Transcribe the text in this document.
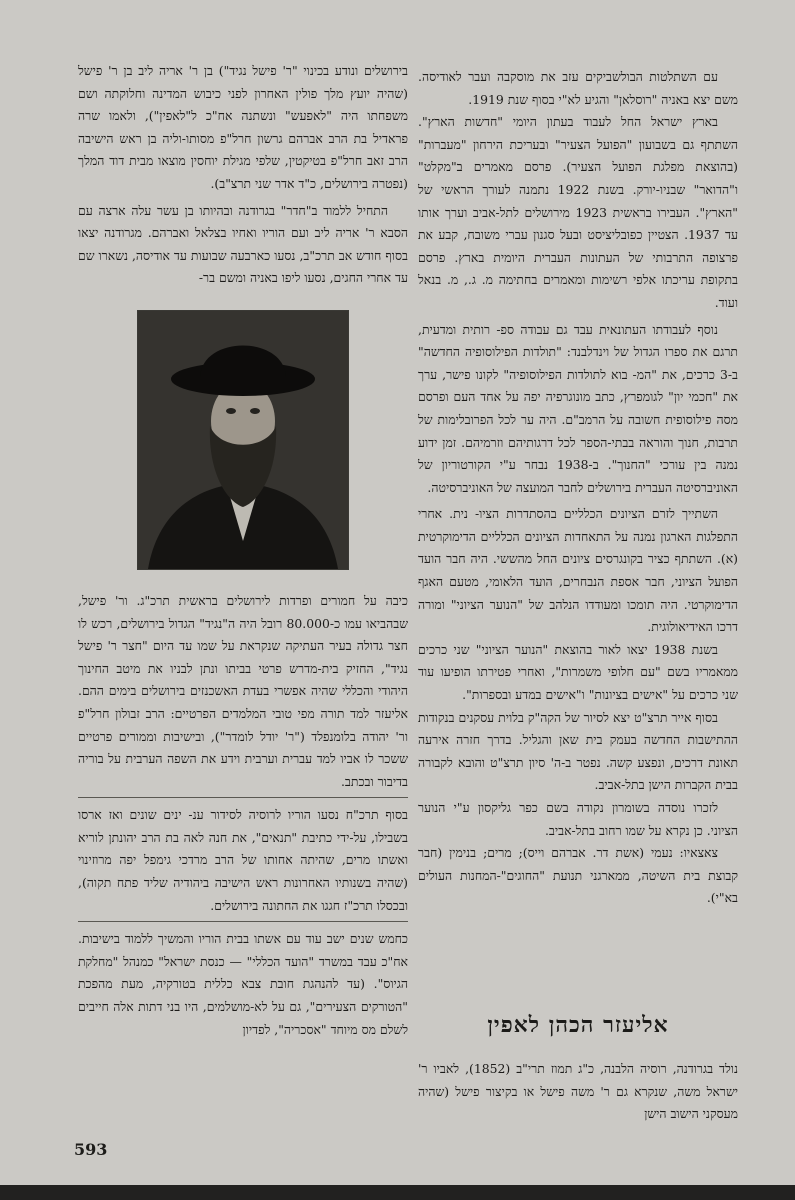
בירושלים ונודע בכינוי "ר' פישל נגיד") בן ר' אריה ליב בן ר' פישל (שהיה יועץ מלך פולין האחרון לפני כיבוש המדינה וחלוקתה ושם משפחתו היה "לאפעש" ונשתנה אח"כ ל"לאפין"), ולאמו שרה פראדיל בת הרב אברהם גרשון חרל"פ מסותו-וליה בן ראש הישיבה הרב זאב חרל"פ בטיקטין, שלפי מגילת יוחסין מוצאו מבית דוד המלך (נפטרה בירושלים, כ"ד אדר שני תרצ"ב).

התחיל ללמוד ב"חדר" בגרודנה ובהיותו בן עשר עלה ארצה עם הסבא ר' אריה ליב ועם הוריו ואחיו בצלאל ואברהם. מגרודנה יצאו בסוף חודש אב תרכ"ב, נסעו כארבעה שבועות עד אודיסה, נשארו שם עד אחרי החגים, נסעו ליפו באניה ומשם בר-

כיבה על חמורים ופרדות לירושלים בראשית תרכ"ג. ור' פישל, שבהביאו עמו כ-80.000 רובל היה ה"נגיד" הגדול בירושלים, רכש לו חצר גדולה בעיר העתיקה שנקראת על שמו עד היום "חצר ר' פישל נגיד", החזיק בית-מדרש פרטי בביתו ונתן לבניו את מיטב החינוך היהודי והכללי שהיה אפשרי בעדת האשכנזים בירושלים בימים ההם. אליעזר למד תורה מפי טובי המלמדים הפרטיים: הרב זבולון חרל"פ ור' יהודה בלומנפלד ("ר' יודל לומדר"), ובישיבות וממורים פרטיים ששכר לו אביו למד עברית וערבית וידע את השפה הערבית על בוריה בדיבור ובכתב.

בסוף תרכ"ח נסעו הוריו לרוסיה לסידור ענ- ינים שונים ואז ארסו בשבילו, על-ידי כתיבת "תנאים", את חנה לאה בת הרב יהונתן לוריא ואשתו מרים, שהיתה אחותו של הרב מרדכי גימפל יפה מרוזינוי (שהיה בשנותיו האחרונות ראש הישיבה ביהודיה שליד פתח תקוה), ובכסלו תרכ"ז חגגו את החתונה בירושלים.

כחמש שנים ישב עוד עם אשתו בבית הוריו והמשיך ללמוד בישיבות. אח"כ עבד במשרד "הועד הכללי" — כנסת ישראל" כמנהל "מחלקת הגיוס". (עד להנהגת חובת צבא כללית בטורקיה, מעת מהפכת "הטורקים הצעירים", גם על לא-מושלמים, היו בני דתות אלה חייבים לשלם מס מיוחד "אסכריה", לפדיון

עם השתלטות הבולשביקים עזב את מוסקבה ועבר לאודיסה. משם יצא באניה "רוסלאן" והגיע לא"י בסוף שנת 1919.

בארץ ישראל החל לעבוד בעתון היומי "חדשות הארץ". השתתף גם בשבועון "הפועל הצעיר" ובעריכת הירחון "מעברות" (בהוצאת מפלגת הפועל הצעיר). פרסם מאמרים ב"מקלט" ו"הדואר" שבניו-יורק. בשנת 1922 נתמנה לעורך הראשי של "הארץ". העבירו בראשית 1923 מירושלים לתל-אביב וערך אותו עד 1937. הצטיין כפובליציסט ובעל סגנון עברי משובח, קבע את פרצופה התרבותי של העתונות העברית היומית בארץ. פרסם בתקופת עריכתו אלפי רשימות ומאמרים בחתימה מ. ג., מ. בנאל ועוד.

נוסף לעבודתו העתונאית עבד גם עבודה ספ- רותית ומדעית, תרגם את ספרו הגדול של וינדלבנד: "תולדות הפילוסופיה החדשה" ב-3 כרכים, את "המ- בוא לתולדות הפילוסופיה" לקונו פישר, ערך את "חכמי יון" לגומפרץ, כתב מונוגרפיה יפה על אחד העם ופרסם מסה פילוסופית חשובה על הרמב"ם. היה ער לכל הפרובלימות של תרבות, חנוך והוראה בבתי-הספר לכל דרגותיהם וזרמיהם. זמן ידוע נמנה בין עורכי "החנוך". ב-1938 נבחר ע"י הקורטוריון של האוניברסיטה העברית בירושלים לחבר המועצה של האוניברסיטה.

השתייך לזרם הציונים הכלליים בהסתדרות הציו- נית. אחרי התפלגות הארגון נמנה על התאחדות הציונים הכלליים הדימוקרטית (א). השתתף כציר בקונגרסים ציונים החל מהששי. היה חבר הועד הפועל הציוני, חבר אספת הנבחרים, הועד הלאומי, מטעם האגף הדימוקרטי. היה תומכו ומעודדו הנלהב של "הנוער הציוני" ומורה דרכו האידיאולוגית.

בשנת 1938 יצאו לאור בהוצאת "הנוער הציוני" שני כרכים ממאמריו בשם "עם חלופי משמרות", ואחרי פטירתו הופיעו עוד שני כרכים על "אישים בציונות" ו"אישים במדע ובספרות".

בסוף אייר תרצ"ט יצא לסיור של הקה"ק בלוית עסקנים בנקודות ההתישבות החדשה בעמק בית שאן והגליל. בדרך חזרה אירעה תאונת דרכים, ונפצע קשה. נפטר ב-ה' סיון תרצ"ט והובא לקבורה בבית הקברות הישן בתל-אביב.

לזכרו נוסדה בשומרון נקודה בשם כפר גליקסון ע"י הנוער הציוני. כן נקרא על שמו רחוב בתל-אביב.

צאצאיו: נעמי (אשת דר. אברהם וייס); מרים; בנימין (חבר קבוצת בית השיטה, ממארגני תנועת "החוגים"-המחנות העולים בא"י).

אליעזר הכהן לאפין
נולד בגרודנה, רוסיה הלבנה, כ"ג תמוז תרי"ב (1852), לאביו ר' ישראל משה, שנקרא גם ר' משה פישל או בקיצור פישל (שהיה מעסקני הישוב הישן
593
